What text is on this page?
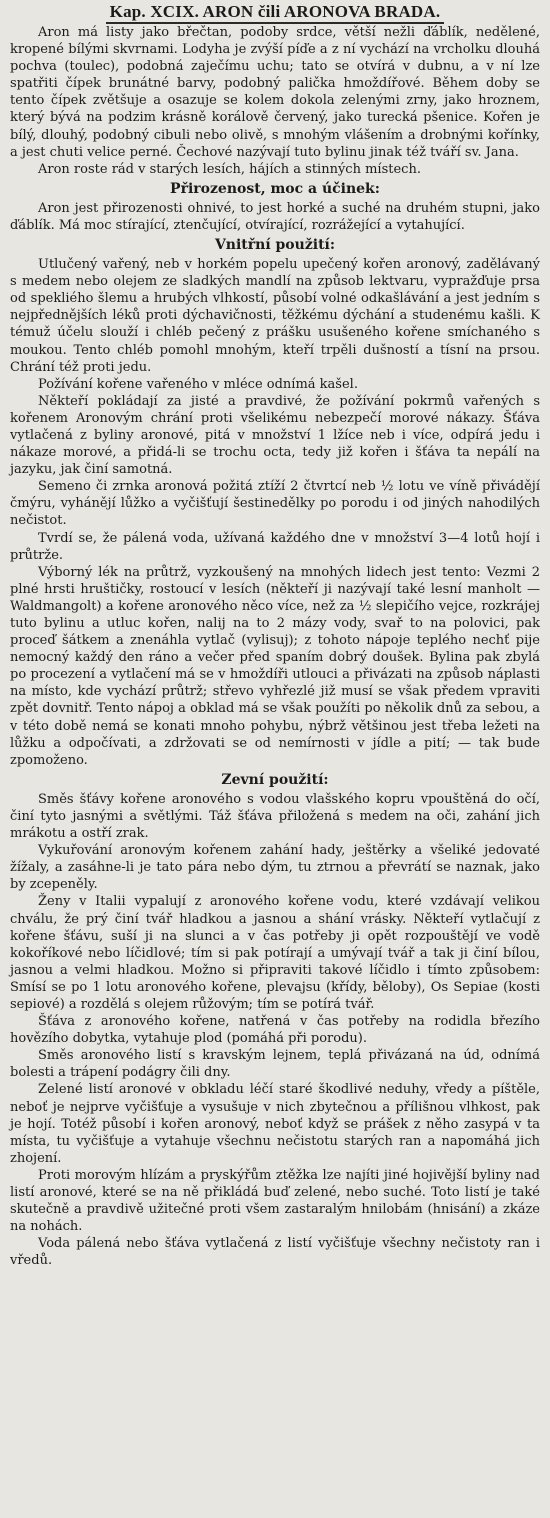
Kap. XCIX. ARON čili ARONOVA BRADA.

Aron má listy jako břečtan, podoby srdce, větší nežli ďáblík, nedělené, kropené bílými skvrnami. Lodyha je zvýší píďe a z ní vychází na vrcholku dlouhá pochva (toulec), podobná zaječímu uchu; tato se otvírá v dubnu, a v ní lze spatřiti čípek brunátné barvy, podobný palička hmoždířové. Během doby se tento čípek zvětšuje a osazuje se kolem dokola zelenými zrny, jako hroznem, který bývá na podzim krásně korálově červený, jako turecká pšenice. Kořen je bílý, dlouhý, podobný cibuli nebo olivě, s mnohým vlášením a drobnými kořínky, a jest chuti velice perné. Čechové nazývají tuto bylinu jinak též tváří sv. Jana.

Aron roste rád v starých lesích, hájích a stinných místech.

Přirozenost, moc a účinek:

Aron jest přirozenosti ohnivé, to jest horké a suché na druhém stupni, jako ďáblík. Má moc stírající, ztenčující, otvírající, rozrážející a vytahující.

Vnitřní použití:

Utlučený vařený, neb v horkém popelu upečený kořen aronový, zadělávaný s medem nebo olejem ze sladkých mandlí na způsob lektvaru, vypražďuje prsa od spekliého šlemu a hrubých vlhkostí, působí volné odkašlávání a jest jedním s nejpřednějších léků proti dýchavičnosti, těžkému dýchání a studenému kašli. K témuž účelu slouží i chléb pečený z prášku usušeného kořene smíchaného s moukou. Tento chléb pomohl mnohým, kteří trpěli dušností a tísní na prsou. Chrání též proti jedu.

Požívání kořene vařeného v mléce odnímá kašel.

Někteří pokládají za jisté a pravdivé, že požívání pokrmů vařených s kořenem Aronovým chrání proti všelikému nebezpečí morové nákazy. Šťáva vytlačená z byliny aronové, pitá v množství 1 lžíce neb i více, odpírá jedu i nákaze morové, a přidá-li se trochu octa, tedy již kořen i šťáva ta nepálí na jazyku, jak činí samotná.

Semeno či zrnka aronová požitá ztíží 2 čtvrtcí neb ½ lotu ve víně přivádějí čmýru, vyhánějí lůžko a vyčišťují šestinedělky po porodu i od jiných nahodilých nečistot.

Tvrdí se, že pálená voda, užívaná každého dne v množství 3—4 lotů hojí i průtrže.

Výborný lék na průtrž, vyzkoušený na mnohých lidech jest tento: Vezmi 2 plné hrsti hruštičky, rostoucí v lesích (někteří ji nazývají také lesní manholt — Waldmangolt) a kořene aronového něco více, než za ½ slepičího vejce, rozkrájej tuto bylinu a utluc kořen, nalij na to 2 mázy vody, svař to na polovici, pak proceď šátkem a znenáhla vytlač (vylisuj); z tohoto nápoje teplého nechť pije nemocný každý den ráno a večer před spaním dobrý doušek. Bylina pak zbylá po procezení a vytlačení má se v hmoždíři utlouci a přivázati na způsob náplasti na místo, kde vychází průtrž; střevo vyhřezlé již musí se však předem vpraviti zpět dovnitř. Tento nápoj a obklad má se však použíti po několik dnů za sebou, a v této době nemá se konati mnoho pohybu, nýbrž většinou jest třeba ležeti na lůžku a odpočívati, a zdržovati se od nemírnosti v jídle a pití; — tak bude zpomoženo.

Zevní použití:

Směs šťávy kořene aronového s vodou vlašského kopru vpouštěná do očí, činí tyto jasnými a světlými. Táž šťáva přiložená s medem na oči, zahání jich mrákotu a ostří zrak.

Vykuřování aronovým kořenem zahání hady, ještěrky a všeliké jedovaté žížaly, a zasáhne-li je tato pára nebo dým, tu ztrnou a převrátí se naznak, jako by zcepeněly.

Ženy v Italii vypalují z aronového kořene vodu, které vzdávají velikou chválu, že prý činí tvář hladkou a jasnou a shání vrásky. Někteří vytlačují z kořene šťávu, suší ji na slunci a v čas potřeby ji opět rozpouštějí ve vodě kokoříkové nebo líčidlové; tím si pak potírají a umývají tvář a tak ji činí bílou, jasnou a velmi hladkou. Možno si připraviti takové líčidlo i tímto způsobem: Smísí se po 1 lotu aronového kořene, plevajsu (křídy, běloby), Os Sepiae (kosti sepiové) a rozdělá s olejem růžovým; tím se potírá tvář.

Šťáva z aronového kořene, natřená v čas potřeby na rodidla březího hovězího dobytka, vytahuje plod (pomáhá při porodu).

Směs aronového listí s kravským lejnem, teplá přivázaná na úd, odnímá bolesti a trápení podágry čili dny.

Zelené listí aronové v obkladu léčí staré škodlivé neduhy, vředy a píštěle, neboť je nejprve vyčišťuje a vysušuje v nich zbytečnou a přílišnou vlhkost, pak je hojí. Totéž působí i kořen aronový, neboť když se prášek z něho zasypá v ta místa, tu vyčišťuje a vytahuje všechnu nečistotu starých ran a napomáhá jich zhojení.

Proti morovým hlízám a pryskýřům ztěžka lze najíti jiné hojivější byliny nad listí aronové, které se na ně přikládá buď zelené, nebo suché. Toto listí je také skutečně a pravdivě užitečné proti všem zastaralým hnilobám (hnisání) a zkáze na nohách.

Voda pálená nebo šťáva vytlačená z listí vyčišťuje všechny nečistoty ran i vředů.
